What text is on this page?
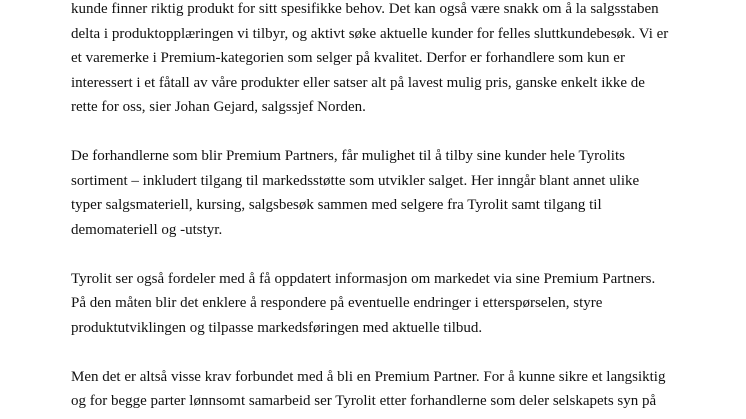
kunde finner riktig produkt for sitt spesifikke behov. Det kan også være snakk om å la salgsstaben
delta i produktopplæringen vi tilbyr, og aktivt søke aktuelle kunder for felles sluttkundebesøk. Vi er
et varemerke i Premium-kategorien som selger på kvalitet. Derfor er forhandlere som kun er
interessert i et fåtall av våre produkter eller satser alt på lavest mulig pris, ganske enkelt ikke de
rette for oss, sier Johan Gejard, salgssjef Norden.
De forhandlerne som blir Premium Partners, får mulighet til å tilby sine kunder hele Tyrolits
sortiment – inkludert tilgang til markedsstøtte som utvikler salget. Her inngår blant annet ulike
typer salgsmateriell, kursing, salgsbesøk sammen med selgere fra Tyrolit samt tilgang til
demomateriell og -utstyr.
Tyrolit ser også fordeler med å få oppdatert informasjon om markedet via sine Premium Partners.
På den måten blir det enklere å respondere på eventuelle endringer i etterspørselen, styre
produktutviklingen og tilpasse markedsføringen med aktuelle tilbud.
Men det er altså visse krav forbundet med å bli en Premium Partner. For å kunne sikre et langsiktig
og for begge parter lønnsomt samarbeid ser Tyrolit etter forhandlerne som deler selskapets syn på
